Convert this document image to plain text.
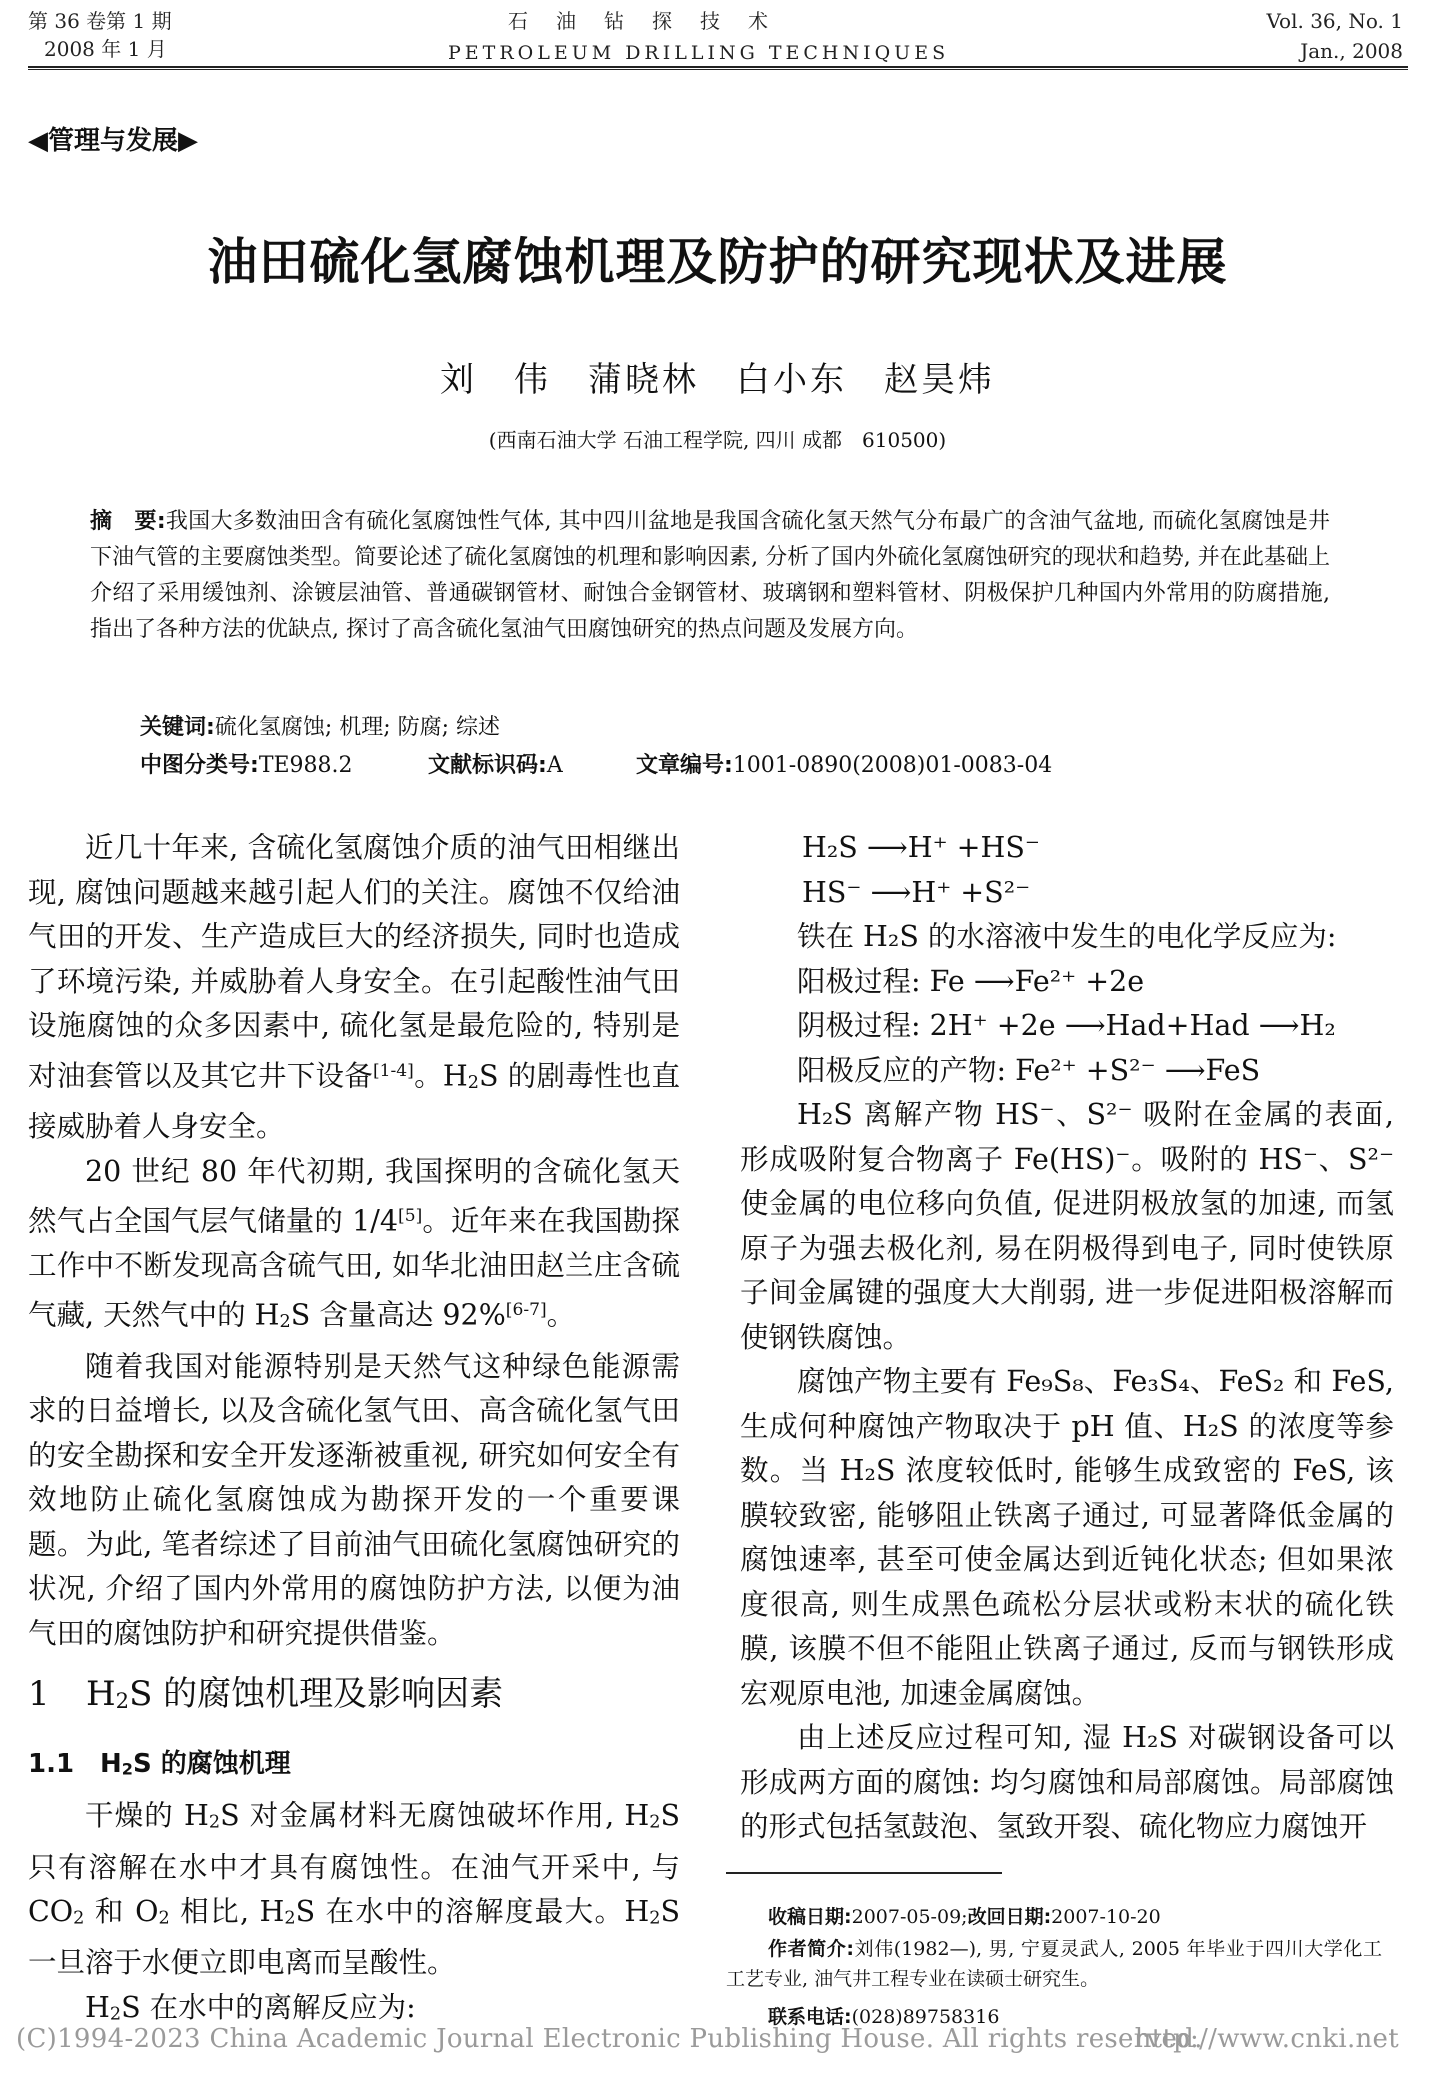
第 36 卷第 1 期
2008 年 1 月
石　油　钻　探　技　术
PETROLEUM DRILLING TECHNIQUES
Vol. 36, No. 1
Jan., 2008
◀管理与发展▶
油田硫化氢腐蚀机理及防护的研究现状及进展
刘　伟　蒲晓林　白小东　赵昊炜
(西南石油大学 石油工程学院, 四川 成都　610500)
摘　要:我国大多数油田含有硫化氢腐蚀性气体, 其中四川盆地是我国含硫化氢天然气分布最广的含油气盆地, 而硫化氢腐蚀是井下油气管的主要腐蚀类型。简要论述了硫化氢腐蚀的机理和影响因素, 分析了国内外硫化氢腐蚀研究的现状和趋势, 并在此基础上介绍了采用缓蚀剂、涂镀层油管、普通碳钢管材、耐蚀合金钢管材、玻璃钢和塑料管材、阴极保护几种国内外常用的防腐措施, 指出了各种方法的优缺点, 探讨了高含硫化氢油气田腐蚀研究的热点问题及发展方向。
关键词:硫化氢腐蚀; 机理; 防腐; 综述
中图分类号:TE988.2	文献标识码:A	文章编号:1001-0890(2008)01-0083-04

近几十年来, 含硫化氢腐蚀介质的油气田相继出现, 腐蚀问题越来越引起人们的关注。腐蚀不仅给油气田的开发、生产造成巨大的经济损失, 同时也造成了环境污染, 并威胁着人身安全。在引起酸性油气田设施腐蚀的众多因素中, 硫化氢是最危险的, 特别是对油套管以及其它井下设备[1-4]。H2S 的剧毒性也直接威胁着人身安全。

20 世纪 80 年代初期, 我国探明的含硫化氢天然气占全国气层气储量的 1/4[5]。近年来在我国勘探工作中不断发现高含硫气田, 如华北油田赵兰庄含硫气藏, 天然气中的 H2S 含量高达 92%[6-7]。

随着我国对能源特别是天然气这种绿色能源需求的日益增长, 以及含硫化氢气田、高含硫化氢气田的安全勘探和安全开发逐渐被重视, 研究如何安全有效地防止硫化氢腐蚀成为勘探开发的一个重要课题。为此, 笔者综述了目前油气田硫化氢腐蚀研究的状况, 介绍了国内外常用的腐蚀防护方法, 以便为油气田的腐蚀防护和研究提供借鉴。

1 H2S 的腐蚀机理及影响因素
1.1 H2S 的腐蚀机理

干燥的 H2S 对金属材料无腐蚀破坏作用, H2S 只有溶解在水中才具有腐蚀性。在油气开采中, 与 CO2 和 O2 相比, H2S 在水中的溶解度最大。H2S 一旦溶于水便立即电离而呈酸性。

H2S 在水中的离解反应为:

H₂S ⟶H⁺ +HS⁻

HS⁻ ⟶H⁺ +S²⁻

铁在 H₂S 的水溶液中发生的电化学反应为:

阳极过程: Fe ⟶Fe²⁺ +2e

阴极过程: 2H⁺ +2e ⟶Had+Had ⟶H₂

阳极反应的产物: Fe²⁺ +S²⁻ ⟶FeS

H₂S 离解产物 HS⁻、S²⁻ 吸附在金属的表面, 形成吸附复合物离子 Fe(HS)⁻。吸附的 HS⁻、S²⁻ 使金属的电位移向负值, 促进阴极放氢的加速, 而氢原子为强去极化剂, 易在阴极得到电子, 同时使铁原子间金属键的强度大大削弱, 进一步促进阳极溶解而使钢铁腐蚀。

腐蚀产物主要有 Fe₉S₈、Fe₃S₄、FeS₂ 和 FeS, 生成何种腐蚀产物取决于 pH 值、H₂S 的浓度等参数。当 H₂S 浓度较低时, 能够生成致密的 FeS, 该膜较致密, 能够阻止铁离子通过, 可显著降低金属的腐蚀速率, 甚至可使金属达到近钝化状态; 但如果浓度很高, 则生成黑色疏松分层状或粉末状的硫化铁膜, 该膜不但不能阻止铁离子通过, 反而与钢铁形成宏观原电池, 加速金属腐蚀。

由上述反应过程可知, 湿 H₂S 对碳钢设备可以形成两方面的腐蚀: 均匀腐蚀和局部腐蚀。局部腐蚀的形式包括氢鼓泡、氢致开裂、硫化物应力腐蚀开

收稿日期:2007-05-09;改回日期:2007-10-20
作者简介:刘伟(1982—), 男, 宁夏灵武人, 2005 年毕业于四川大学化工工艺专业, 油气井工程专业在读硕士研究生。
联系电话:(028)89758316
(C)1994-2023 China Academic Journal Electronic Publishing House. All rights reserved.
http://www.cnki.net
